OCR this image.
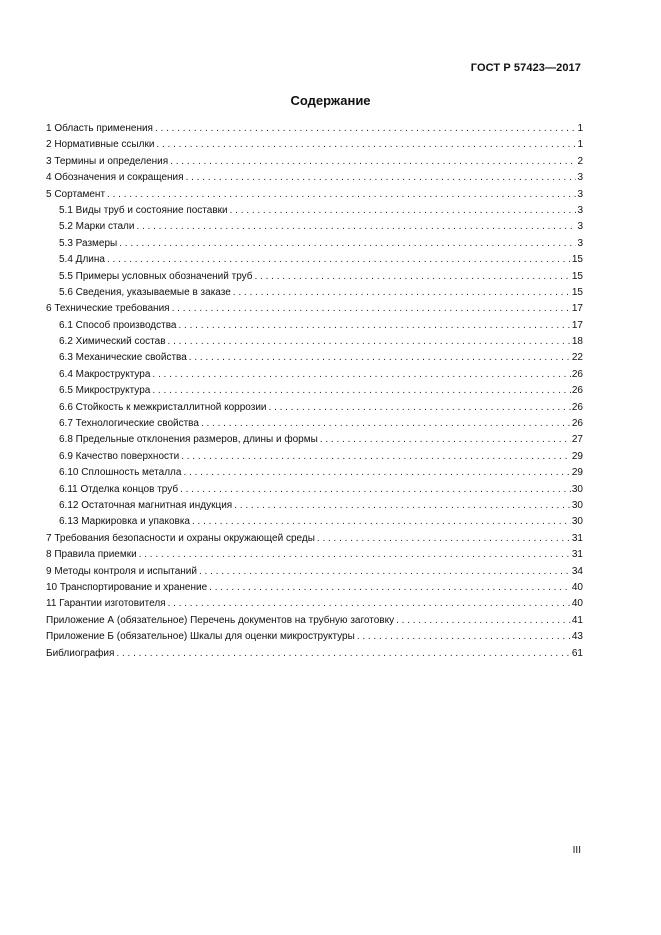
ГОСТ Р 57423—2017
Содержание
1 Область применения . . .	1
2 Нормативные ссылки . . .	1
3 Термины и определения . . .	2
4 Обозначения и сокращения . . .	3
5 Сортамент . . .	3
5.1 Виды труб и состояние поставки . . .	3
5.2 Марки стали . . .	3
5.3 Размеры . . .	3
5.4 Длина . . .	15
5.5 Примеры условных обозначений труб . . .	15
5.6 Сведения, указываемые в заказе . . .	15
6 Технические требования . . .	17
6.1 Способ производства . . .	17
6.2 Химический состав . . .	18
6.3 Механические свойства . . .	22
6.4 Макроструктура . . .	26
6.5 Микроструктура . . .	26
6.6 Стойкость к межкристаллитной коррозии . . .	26
6.7 Технологические свойства . . .	26
6.8 Предельные отклонения размеров, длины и формы . . .	27
6.9 Качество поверхности . . .	29
6.10 Сплошность металла . . .	29
6.11 Отделка концов труб . . .	30
6.12 Остаточная магнитная индукция . . .	30
6.13 Маркировка и упаковка . . .	30
7 Требования безопасности и охраны окружающей среды . . .	31
8 Правила приемки . . .	31
9 Методы контроля и испытаний . . .	34
10 Транспортирование и хранение . . .	40
11 Гарантии изготовителя . . .	40
Приложение А (обязательное) Перечень документов на трубную заготовку . . .	41
Приложение Б (обязательное) Шкалы для оценки микроструктуры . . .	43
Библиография . . .	61
III
